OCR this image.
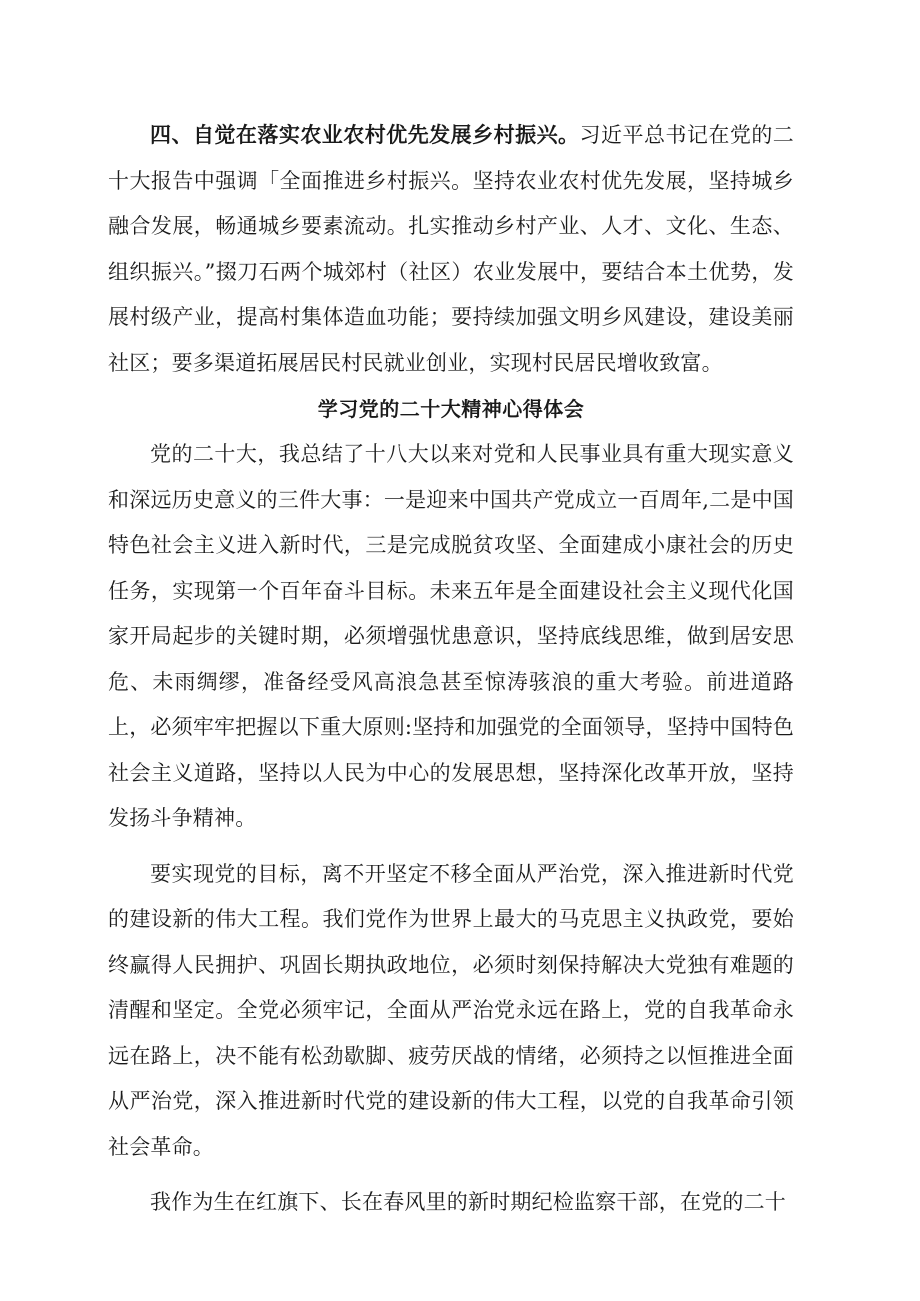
四、自觉在落实农业农村优先发展乡村振兴。习近平总书记在党的二十大报告中强调「全面推进乡村振兴。坚持农业农村优先发展，坚持城乡融合发展，畅通城乡要素流动。扎实推动乡村产业、人才、文化、生态、组织振兴。”掇刀石两个城郊村（社区）农业发展中，要结合本土优势，发展村级产业，提高村集体造血功能；要持续加强文明乡风建设，建设美丽社区；要多渠道拓展居民村民就业创业，实现村民居民增收致富。

学习党的二十大精神心得体会

党的二十大，我总结了十八大以来对党和人民事业具有重大现实意义和深远历史意义的三件大事：一是迎来中国共产党成立一百周年,二是中国特色社会主义进入新时代，三是完成脱贫攻坚、全面建成小康社会的历史任务，实现第一个百年奋斗目标。未来五年是全面建设社会主义现代化国家开局起步的关键时期，必须增强忧患意识，坚持底线思维，做到居安思危、未雨绸缪，准备经受风高浪急甚至惊涛骇浪的重大考验。前进道路上，必须牢牢把握以下重大原则:坚持和加强党的全面领导，坚持中国特色社会主义道路，坚持以人民为中心的发展思想，坚持深化改革开放，坚持发扬斗争精神。

要实现党的目标，离不开坚定不移全面从严治党，深入推进新时代党的建设新的伟大工程。我们党作为世界上最大的马克思主义执政党，要始终赢得人民拥护、巩固长期执政地位，必须时刻保持解决大党独有难题的清醒和坚定。全党必须牢记，全面从严治党永远在路上，党的自我革命永远在路上，决不能有松劲歇脚、疲劳厌战的情绪，必须持之以恒推进全面从严治党，深入推进新时代党的建设新的伟大工程，以党的自我革命引领社会革命。

我作为生在红旗下、长在春风里的新时期纪检监察干部，在党的二十
